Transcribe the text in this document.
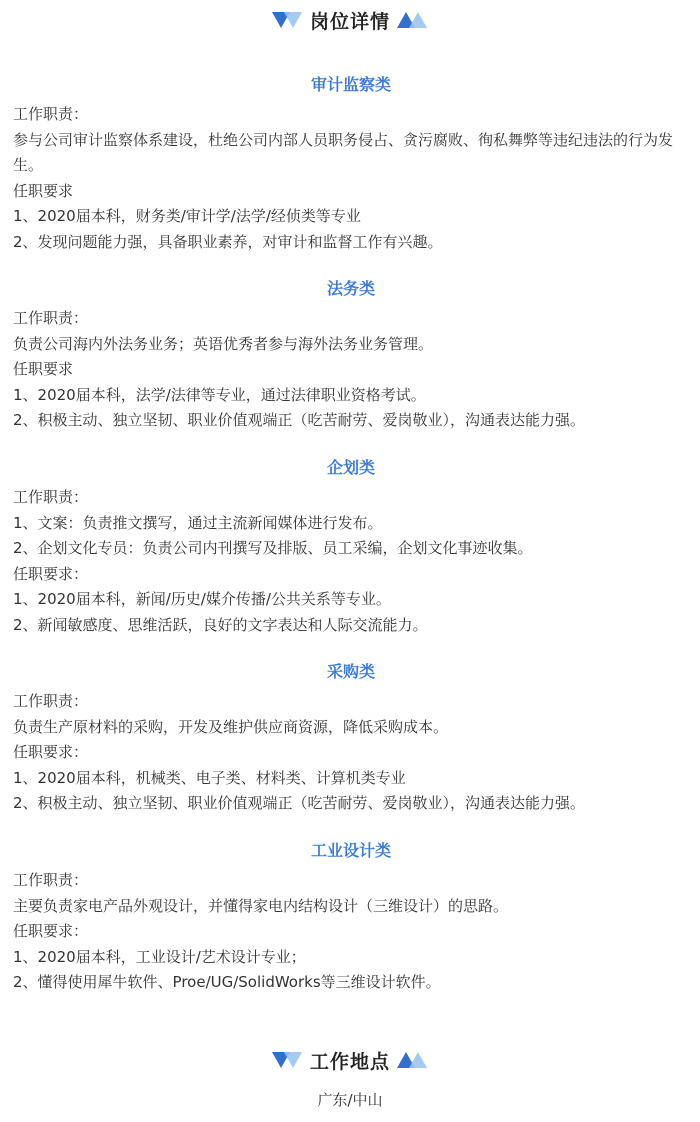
岗位详情
审计监察类

工作职责：

参与公司审计监察体系建设，杜绝公司内部人员职务侵占、贪污腐败、徇私舞弊等违纪违法的行为发生。

任职要求

1、2020届本科，财务类/审计学/法学/经侦类等专业

2、发现问题能力强，具备职业素养，对审计和监督工作有兴趣。

法务类

工作职责：

负责公司海内外法务业务；英语优秀者参与海外法务业务管理。

任职要求

1、2020届本科，法学/法律等专业，通过法律职业资格考试。

2、积极主动、独立坚韧、职业价值观端正（吃苦耐劳、爱岗敬业），沟通表达能力强。

企划类

工作职责：

1、文案：负责推文撰写，通过主流新闻媒体进行发布。

2、企划文化专员：负责公司内刊撰写及排版、员工采编，企划文化事迹收集。

任职要求：

1、2020届本科，新闻/历史/媒介传播/公共关系等专业。

2、新闻敏感度、思维活跃，良好的文字表达和人际交流能力。

采购类

工作职责：

负责生产原材料的采购，开发及维护供应商资源，降低采购成本。

任职要求：

1、2020届本科，机械类、电子类、材料类、计算机类专业

2、积极主动、独立坚韧、职业价值观端正（吃苦耐劳、爱岗敬业），沟通表达能力强。

工业设计类

工作职责：

主要负责家电产品外观设计，并懂得家电内结构设计（三维设计）的思路。

任职要求：

1、2020届本科，工业设计/艺术设计专业；

2、懂得使用犀牛软件、Proe/UG/SolidWorks等三维设计软件。

工作地点
广东/中山
